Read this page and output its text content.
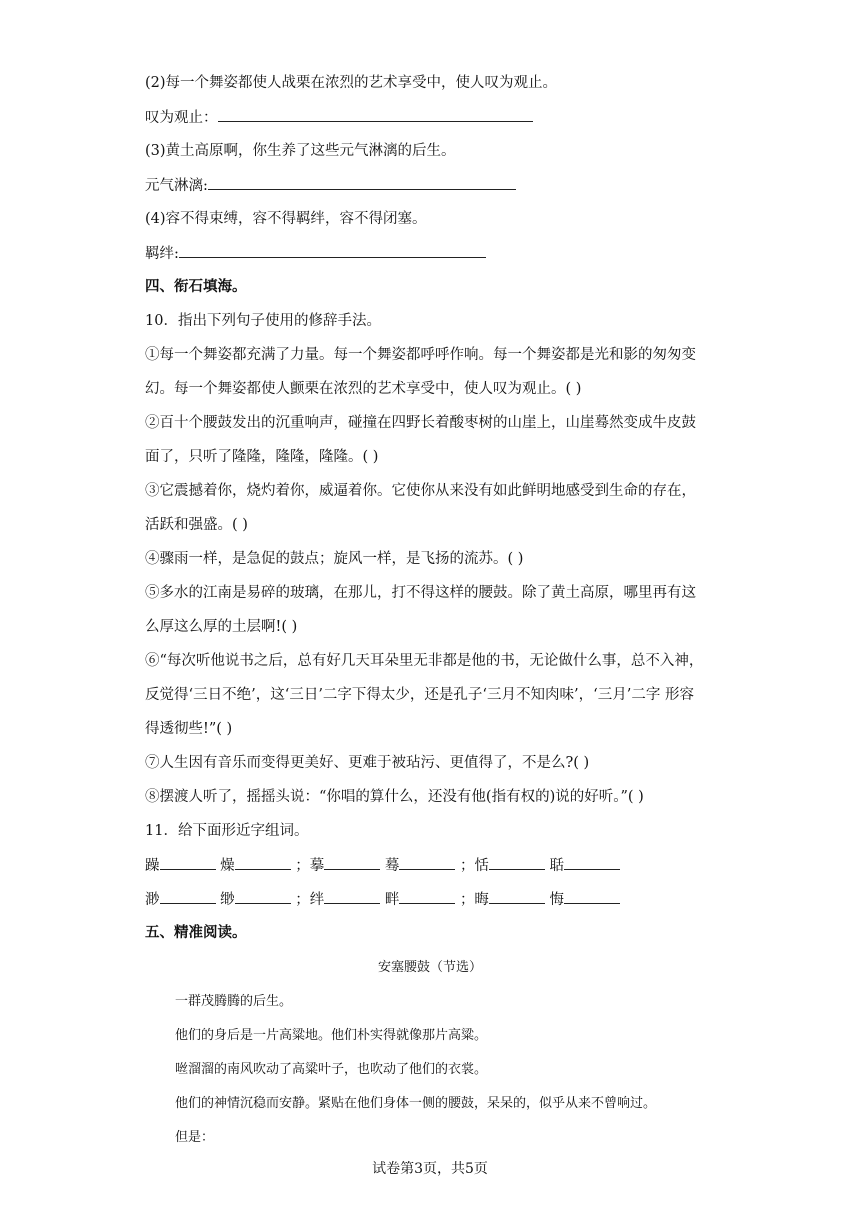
(2)每一个舞姿都使人战栗在浓烈的艺术享受中，使人叹为观止。
叹为观止：
(3)黄土高原啊，你生养了这些元气淋漓的后生。
元气淋漓:
(4)容不得束缚，容不得羁绊，容不得闭塞。
羁绊:
四、衔石填海。
10．指出下列句子使用的修辞手法。
①每一个舞姿都充满了力量。每一个舞姿都呼呼作响。每一个舞姿都是光和影的匆匆变
幻。每一个舞姿都使人颤栗在浓烈的艺术享受中，使人叹为观止。( )
②百十个腰鼓发出的沉重响声，碰撞在四野长着酸枣树的山崖上，山崖蓦然变成牛皮鼓
面了，只听了隆隆，隆隆，隆隆。( )
③它震撼着你，烧灼着你，威逼着你。它使你从来没有如此鲜明地感受到生命的存在，
活跃和强盛。( )
④骤雨一样，是急促的鼓点；旋风一样，是飞扬的流苏。( )
⑤多水的江南是易碎的玻璃，在那儿，打不得这样的腰鼓。除了黄土高原，哪里再有这
么厚这么厚的土层啊!( )
⑥“每次听他说书之后，总有好几天耳朵里无非都是他的书，无论做什么事，总不入神，
反觉得‘三日不绝’，这‘三日’二字下得太少，还是孔子‘三月不知肉味’，‘三月’二字 形容
得透彻些!”( )
⑦人生因有音乐而变得更美好、更难于被玷污、更值得了，不是么?( )
⑧摆渡人听了，摇摇头说：“你唱的算什么，还没有他(指有权的)说的好听。”( )
11．给下面形近字组词。
躁	燥	；摹	蓦	；恬	聒
渺	缈	；绊	畔	；晦	悔
五、精准阅读。
安塞腰鼓（节选）
一群茂腾腾的后生。
他们的身后是一片高粱地。他们朴实得就像那片高粱。
咝溜溜的南风吹动了高粱叶子，也吹动了他们的衣裳。
他们的神情沉稳而安静。紧贴在他们身体一侧的腰鼓，呆呆的，似乎从来不曾响过。
但是：
试卷第3页，共5页
